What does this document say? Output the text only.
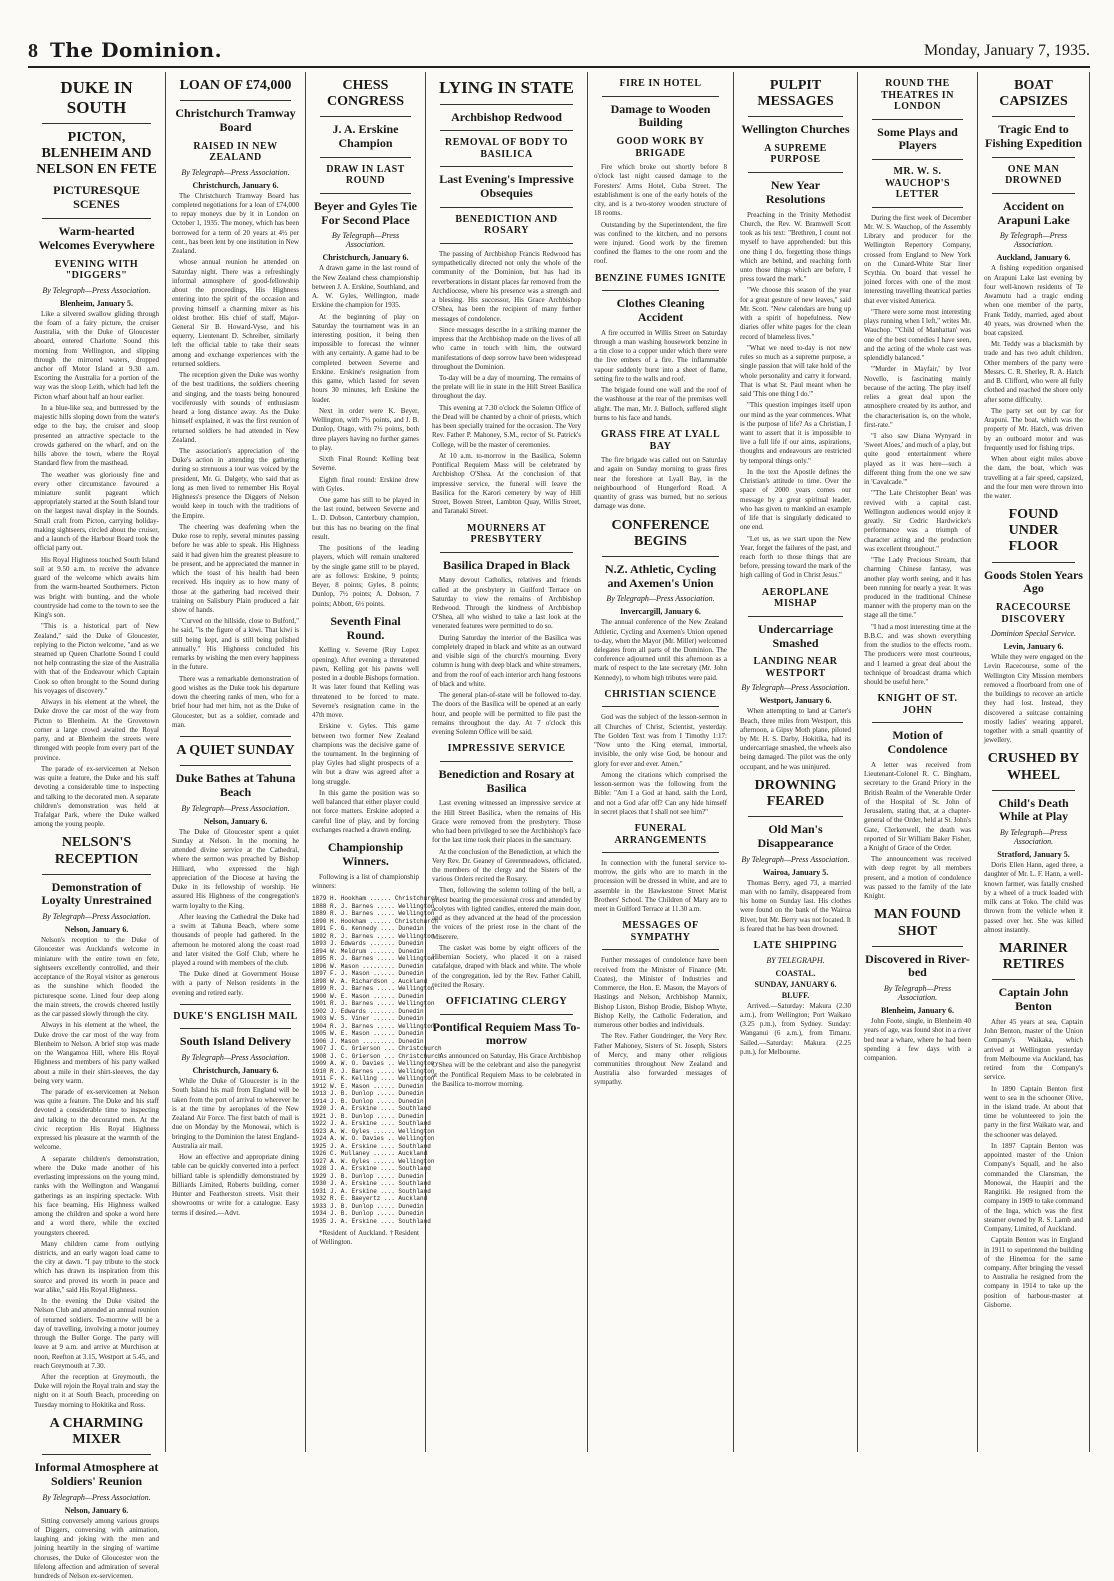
8 The Dominion.	Monday, January 7, 1935.
DUKE IN SOUTH
PICTON, BLENHEIM AND NELSON EN FETE
PICTURESQUE SCENES
Warm-hearted Welcomes Everywhere
EVENING WITH "DIGGERS"
By Telegraph—Press Association.
Blenheim, January 5.

Like a silvered swallow gliding through the foam of a fairy picture, the cruiser Australia, with the Duke of Gloucester aboard, entered Charlotte Sound this morning from Wellington, and slipping through the mirrored waters, dropped anchor off Motor Island at 9.30 a.m. Escorting the Australia for a portion of the way was the sloop Leith, which had left the Picton wharf about half an hour earlier.

In a blue-like sea, and buttressed by the majestic hills sloping down from the water's edge to the bay, the cruiser and sloop presented an attractive spectacle to the crowds gathered on the wharf, and on the hills above the town, where the Royal Standard flew from the masthead.

The weather was gloriously fine and every other circumstance favoured a miniature sunlit pageant which appropriately started at the South Island tour on the largest naval display in the Sounds. Small craft from Picton, carrying holiday-making sightseers, circled about the cruiser, and a launch of the Harbour Board took the official party out.

His Royal Highness touched South Island soil at 9.50 a.m. to receive the advance guard of the welcome which awaits him from the warm-hearted Southerners. Picton was bright with bunting, and the whole countryside had come to the town to see the King's son.

"This is a historical part of New Zealand," said the Duke of Gloucester, replying to the Picton welcome, "and as we steamed up Queen Charlotte Sound I could not help contrasting the size of the Australia with that of the Endeavour which Captain Cook so often brought to the Sound during his voyages of discovery."

Always in his element at the wheel, the Duke drove the car most of the way from Picton to Blenheim. At the Grovetown corner a large crowd awaited the Royal party, and at Blenheim the streets were thronged with people from every part of the province.

The parade of ex-servicemen at Nelson was quite a feature, the Duke and his staff devoting a considerable time to inspecting and talking to the decorated men. A separate children's demonstration was held at Trafalgar Park, where the Duke walked among the young people.

NELSON'S RECEPTION
Demonstration of Loyalty Unrestrained
By Telegraph—Press Association.
Nelson, January 6.

Nelson's reception to the Duke of Gloucester was Auckland's welcome in miniature with the entire town en fete, sightseers excellently controlled, and their acceptance of the Royal visitor as generous as the sunshine which flooded the picturesque scene. Lined four deep along the main streets, the crowds cheered lustily as the car passed slowly through the city.

Always in his element at the wheel, the Duke drove the car most of the way from Blenheim to Nelson. A brief stop was made on the Wangamoa Hill, where His Royal Highness and members of his party walked about a mile in their shirt-sleeves, the day being very warm.

The parade of ex-servicemen at Nelson was quite a feature. The Duke and his staff devoted a considerable time to inspecting and talking to the decorated men. At the civic reception His Royal Highness expressed his pleasure at the warmth of the welcome.

A separate children's demonstration, where the Duke made another of his everlasting impressions on the young mind, ranks with the Wellington and Wanganui gatherings as an inspiring spectacle. With his face beaming, His Highness walked among the children and spoke a word here and a word there, while the excited youngsters cheered.

Many children came from outlying districts, and an early wagon load came to the city at dawn. "I pay tribute to the stock which has drawn its inspiration from this source and proved its worth in peace and war alike," said His Royal Highness.

In the evening the Duke visited the Nelson Club and attended an annual reunion of returned soldiers. To-morrow will be a day of travelling, involving a motor journey through the Buller Gorge. The party will leave at 9 a.m. and arrive at Murchison at noon, Reefton at 3.15, Westport at 5.45, and reach Greymouth at 7.30.

After the reception at Greymouth, the Duke will rejoin the Royal train and stay the night on it at South Beach, proceeding on Tuesday morning to Hokitika and Ross.

A CHARMING MIXER
Informal Atmosphere at Soldiers' Reunion
By Telegraph—Press Association.
Nelson, January 6.

Sitting conversely among various groups of Diggers, conversing with animation, laughing and joking with the men and joining heartily in the singing of wartime choruses, the Duke of Gloucester won the lifelong affection and admiration of several hundreds of Nelson ex-servicemen.

LOAN OF £74,000
Christchurch Tramway Board
RAISED IN NEW ZEALAND
By Telegraph—Press Association.
Christchurch, January 6.

The Christchurch Tramway Board has completed negotiations for a loan of £74,000 to repay moneys due by it in London on October 1, 1935. The money, which has been borrowed for a term of 20 years at 4½ per cent., has been lent by one institution in New Zealand.

whose annual reunion he attended on Saturday night. There was a refreshingly informal atmosphere of good-fellowship about the proceedings, His Highness entering into the spirit of the occasion and proving himself a charming mixer as his oldest brother. His chief of staff, Major-General Sir B. Howard-Vyse, and his equerry, Lieutenant D. Schreiber, similarly left the official table to take their seats among and exchange experiences with the returned soldiers.

The reception given the Duke was worthy of the best traditions, the soldiers cheering and singing, and the toasts being honoured vociferously with sounds of enthusiasm heard a long distance away. As the Duke himself explained, it was the first reunion of returned soldiers he had attended in New Zealand.

The association's appreciation of the Duke's action in attending the gathering during so strenuous a tour was voiced by the president, Mr. G. Dalgety, who said that as long as men lived to remember His Royal Highness's presence the Diggers of Nelson would keep in touch with the traditions of the Empire.

The cheering was deafening when the Duke rose to reply, several minutes passing before he was able to speak. His Highness said it had given him the greatest pleasure to be present, and he appreciated the manner in which the toast of his health had been received. His inquiry as to how many of those at the gathering had received their training on Salisbury Plain produced a fair show of hands.

"Curved on the hillside, close to Bulford," he said, "is the figure of a kiwi. That kiwi is still being kept, and is still being polished annually." His Highness concluded his remarks by wishing the men every happiness in the future.

There was a remarkable demonstration of good wishes as the Duke took his departure down the cheering ranks of men, who for a brief hour had met him, not as the Duke of Gloucester, but as a soldier, comrade and man.

A QUIET SUNDAY
Duke Bathes at Tahuna Beach
By Telegraph—Press Association.
Nelson, January 6.

The Duke of Gloucester spent a quiet Sunday at Nelson. In the morning he attended divine service at the Cathedral, where the sermon was preached by Bishop Hilliard, who expressed the high appreciation of the Diocese at having the Duke in its fellowship of worship. He assured His Highness of the congregation's warm loyalty to the King.

After leaving the Cathedral the Duke had a swim at Tahuna Beach, where some thousands of people had gathered. In the afternoon he motored along the coast road and later visited the Golf Club, where he played a round with members of the club.

The Duke dined at Government House with a party of Nelson residents in the evening and retired early.

DUKE'S ENGLISH MAIL
South Island Delivery
By Telegraph—Press Association.
Christchurch, January 6.

While the Duke of Gloucester is in the South Island his mail from England will be taken from the port of arrival to wherever he is at the time by aeroplanes of the New Zealand Air Force. The first batch of mail is due on Monday by the Monowai, which is bringing to the Dominion the latest England-Australia air mail.

How an effective and appropriate dining table can be quickly converted into a perfect billiard table is splendidly demonstrated by Billiards Limited, Roberts building, corner Hunter and Featherston streets. Visit their showrooms or write for a catalogue. Easy terms if desired.—Advt.

CHESS CONGRESS
J. A. Erskine Champion
DRAW IN LAST ROUND
Beyer and Gyles Tie For Second Place
By Telegraph—Press Association.
Christchurch, January 6.

A drawn game in the last round of the New Zealand chess championship between J. A. Erskine, Southland, and A. W. Gyles, Wellington, made Erskine the champion for 1935.

At the beginning of play on Saturday the tournament was in an interesting position, it being then impossible to forecast the winner with any certainty. A game had to be completed between Severne and Erskine. Erskine's resignation from this game, which lasted for seven hours 30 minutes, left Erskine the leader.

Next in order were K. Beyer, Wellington, with 7½ points, and J. B. Dunlop, Otago, with 7½ points, both three players having no further games to play.

Sixth Final Round: Kelling beat Severne.

Eighth final round: Erskine drew with Gyles.

One game has still to be played in the last round, between Severne and L. D. Dobson, Canterbury champion, but this has no bearing on the final result.

The positions of the leading players, which will remain unaltered by the single game still to be played, are as follows: Erskine, 9 points; Beyer, 8 points; Gyles, 8 points; Dunlop, 7½ points; A. Dobson, 7 points; Abbott, 6½ points.

Seventh Final Round.

Kelling v. Severne (Ruy Lopez opening). After evening a threatened pawn, Kelling got his pawns well posted in a double Bishops formation. It was later found that Kelling was threatened to be forced to mate. Severne's resignation came in the 47th move.

Erskine v. Gyles. This game between two former New Zealand champions was the decisive game of the tournament. In the beginning of play Gyles had slight prospects of a win but a draw was agreed after a long struggle.

In this game the position was so well balanced that either player could not force matters. Erskine adopted a careful line of play, and by forcing exchanges reached a drawn ending.

Championship Winners.

Following is a list of championship winners:

1879 H. Hookham ...... Christchurch
1888 R. J. Barnes ..... Wellington
1889 R. J. Barnes ..... Wellington
1890 H. Hookham ...... Christchurch
1891 F. G. Kennedy .... Dunedin
1892 R. J. Barnes ..... Wellington
1893 J. Edwards ....... Dunedin
1894 W. Meldrum ....... Dunedin
1895 R. J. Barnes ..... Wellington
1896 W. Mason ......... Dunedin
1897 F. J. Mason ...... Dunedin
1898 W. A. Richardson . Auckland
1899 R. J. Barnes ..... Wellington
1900 W. E. Mason ...... Dunedin
1901 R. J. Barnes ..... Wellington
1902 J. Edwards ....... Dunedin
1903 W. S. Viner ...... Dunedin
1904 R. J. Barnes ..... Wellington
1905 W. E. Mason ...... Dunedin
1906 J. Mason ......... Dunedin
1907 J. C. Grierson ... Christchurch
1908 J. C. Grierson ... Christchurch
1909 A. W. O. Davies .. Wellington
1910 R. J. Barnes ..... Wellington
1911 F. K. Kelling .... Wellington
1912 W. E. Mason ...... Dunedin
1913 J. B. Dunlop ..... Dunedin
1914 J. B. Dunlop ..... Dunedin
1920 J. A. Erskine .... Southland
1921 J. B. Dunlop ..... Dunedin
1922 J. A. Erskine .... Southland
1923 A. W. Gyles ...... Wellington
1924 A. W. O. Davies .. Wellington
1925 J. A. Erskine .... Southland
1926 C. Mullaney ...... Auckland
1927 A. W. Gyles ...... Wellington
1928 J. A. Erskine .... Southland
1929 J. B. Dunlop ..... Dunedin
1930 J. A. Erskine .... Southland
1931 J. A. Erskine .... Southland
1932 R. E. Baeyertz ... Auckland
1933 J. B. Dunlop ..... Dunedin
1934 J. B. Dunlop ..... Dunedin
1935 J. A. Erskine .... Southland

*Resident of Auckland. †Resident of Wellington.

LYING IN STATE
Archbishop Redwood
REMOVAL OF BODY TO BASILICA
Last Evening's Impressive Obsequies
BENEDICTION AND ROSARY

The passing of Archbishop Francis Redwood has sympathetically directed not only the whole of the community of the Dominion, but has had its reverberations in distant places far removed from the Archdiocese, where his presence was a strength and a blessing. His successor, His Grace Archbishop O'Shea, has been the recipient of many further messages of condolence.

Since messages describe in a striking manner the impress that the Archbishop made on the lives of all who came in touch with him, the outward manifestations of deep sorrow have been widespread throughout the Dominion.

To-day will be a day of mourning. The remains of the prelate will lie in state in the Hill Street Basilica throughout the day.

This evening at 7.30 o'clock the Solemn Office of the Dead will be chanted by a choir of priests, which has been specially trained for the occasion. The Very Rev. Father P. Mahoney, S.M., rector of St. Patrick's College, will be the master of ceremonies.

At 10 a.m. to-morrow in the Basilica, Solemn Pontifical Requiem Mass will be celebrated by Archbishop O'Shea. At the conclusion of that impressive service, the funeral will leave the Basilica for the Karori cemetery by way of Hill Street, Bowen Street, Lambton Quay, Willis Street, and Taranaki Street.

MOURNERS AT PRESBYTERY
Basilica Draped in Black

Many devout Catholics, relatives and friends called at the presbytery in Guilford Terrace on Saturday to view the remains of Archbishop Redwood. Through the kindness of Archbishop O'Shea, all who wished to take a last look at the venerated features were permitted to do so.

During Saturday the interior of the Basilica was completely draped in black and white as an outward and visible sign of the church's mourning. Every column is hung with deep black and white streamers, and from the roof of each interior arch hang festoons of black and white.

The general plan-of-state will be followed to-day. The doors of the Basilica will be opened at an early hour, and people will be permitted to file past the remains throughout the day. At 7 o'clock this evening Solemn Office will be said.

IMPRESSIVE SERVICE
Benediction and Rosary at Basilica

Last evening witnessed an impressive service at the Hill Street Basilica, when the remains of His Grace were removed from the presbytery. Those who had been privileged to see the Archbishop's face for the last time took their places in the sanctuary.

At the conclusion of the Benediction, at which the Very Rev. Dr. Geaney of Greenmeadows, officiated, the members of the clergy and the Sisters of the various Orders recited the Rosary.

Then, following the solemn tolling of the bell, a priest bearing the processional cross and attended by acolytes with lighted candles, entered the main door, and as they advanced at the head of the procession the voices of the priest rose in the chant of the Miserere.

The casket was borne by eight officers of the Hibernian Society, who placed it on a raised catafalque, draped with black and white. The whole of the congregation, led by the Rev. Father Cahill, recited the Rosary.

OFFICIATING CLERGY
Pontifical Requiem Mass To-morrow

As announced on Saturday, His Grace Archbishop O'Shea will be the celebrant and also the panegyrist at the Pontifical Requiem Mass to be celebrated in the Basilica to-morrow morning.

FIRE IN HOTEL
Damage to Wooden Building
GOOD WORK BY BRIGADE

Fire which broke out shortly before 8 o'clock last night caused damage to the Foresters' Arms Hotel, Cuba Street. The establishment is one of the early hotels of the city, and is a two-storey wooden structure of 18 rooms.

Outstanding by the Superintendent, the fire was confined to the kitchen, and no persons were injured. Good work by the firemen confined the flames to the one room and the roof.

BENZINE FUMES IGNITE
Clothes Cleaning Accident

A fire occurred in Willis Street on Saturday through a man washing housework benzine in a tin close to a copper under which there were the live embers of a fire. The inflammable vapour suddenly burst into a sheet of flame, setting fire to the walls and roof.

The brigade found one wall and the roof of the washhouse at the rear of the premises well alight. The man, Mr. J. Bulloch, suffered slight burns to his face and hands.

GRASS FIRE AT LYALL BAY

The fire brigade was called out on Saturday and again on Sunday morning to grass fires near the foreshore at Lyall Bay, in the neighbourhood of Hungerford Road. A quantity of grass was burned, but no serious damage was done.

CONFERENCE BEGINS
N.Z. Athletic, Cycling and Axemen's Union
By Telegraph—Press Association.
Invercargill, January 6.

The annual conference of the New Zealand Athletic, Cycling and Axemen's Union opened to-day, when the Mayor (Mr. Miller) welcomed delegates from all parts of the Dominion. The conference adjourned until this afternoon as a mark of respect to the late secretary (Mr. John Kennedy), to whom high tributes were paid.

CHRISTIAN SCIENCE

God was the subject of the lesson-sermon in all Churches of Christ, Scientist, yesterday. The Golden Text was from I Timothy 1:17: "Now unto the King eternal, immortal, invisible, the only wise God, be honour and glory for ever and ever. Amen."

Among the citations which comprised the lesson-sermon was the following from the Bible: "Am I a God at hand, saith the Lord, and not a God afar off? Can any hide himself in secret places that I shall not see him?"

FUNERAL ARRANGEMENTS

In connection with the funeral service to-morrow, the girls who are to march in the procession will be dressed in white, and are to assemble in the Hawkestone Street Marist Brothers' School. The Children of Mary are to meet in Guilford Terrace at 11.30 a.m.

MESSAGES OF SYMPATHY

Further messages of condolence have been received from the Minister of Finance (Mr. Coates), the Minister of Industries and Commerce, the Hon. E. Mason, the Mayors of Hastings and Nelson, Archbishop Mannix, Bishop Liston, Bishop Brodie, Bishop Whyte, Bishop Kelly, the Catholic Federation, and numerous other bodies and individuals.

The Rev. Father Gondringer, the Very Rev. Father Mahoney, Sisters of St. Joseph, Sisters of Mercy, and many other religious communities throughout New Zealand and Australia also forwarded messages of sympathy.

PULPIT MESSAGES
Wellington Churches
A SUPREME PURPOSE
New Year Resolutions

Preaching in the Trinity Methodist Church, the Rev. W. Bramwell Scott took as his text: "Brethren, I count not myself to have apprehended: but this one thing I do, forgetting those things which are behind, and reaching forth unto those things which are before, I press toward the mark."

"We choose this season of the year for a great gesture of new leaves," said Mr. Scott. "New calendars are hung up with a spirit of hopefulness. New diaries offer white pages for the clean record of blameless lives."

"What we need to-day is not new rules so much as a supreme purpose, a single passion that will take hold of the whole personality and carry it forward. That is what St. Paul meant when he said 'This one thing I do.'"

"This question impinges itself upon our mind as the year commences. What is the purpose of life? As a Christian, I want to assert that it is impossible to live a full life if our aims, aspirations, thoughts and endeavours are restricted by temporal things only."

In the text the Apostle defines the Christian's attitude to time. Over the space of 2000 years comes our message by a great spiritual leader, who has given to mankind an example of life that is singularly dedicated to one end.

"Let us, as we start upon the New Year, forget the failures of the past, and reach forth to those things that are before, pressing toward the mark of the high calling of God in Christ Jesus."

AEROPLANE MISHAP
Undercarriage Smashed
LANDING NEAR WESTPORT
By Telegraph—Press Association.
Westport, January 6.

When attempting to land at Carter's Beach, three miles from Westport, this afternoon, a Gipsy Moth plane, piloted by Mr. H. S. Darby, Hokitika, had its undercarriage smashed, the wheels also being damaged. The pilot was the only occupant, and he was uninjured.

DROWNING FEARED
Old Man's Disappearance
By Telegraph—Press Association.
Wairoa, January 5.

Thomas Berry, aged 73, a married man with no family, disappeared from his home on Sunday last. His clothes were found on the bank of the Wairoa River, but Mr. Berry was not located. It is feared that he has been drowned.

LATE SHIPPING
BY TELEGRAPH.
COASTAL.
SUNDAY, JANUARY 6.
BLUFF.

Arrived.—Saturday: Makura (2.30 a.m.), from Wellington; Port Waikato (3.25 p.m.), from Sydney. Sunday: Wanganui (6 a.m.), from Timaru. Sailed.—Saturday: Makura (2.25 p.m.), for Melbourne.

ROUND THE THEATRES IN LONDON
Some Plays and Players
MR. W. S. WAUCHOP'S LETTER

During the first week of December Mr. W. S. Wauchop, of the Assembly Library and producer for the Wellington Repertory Company, crossed from England to New York on the Cunard-White Star liner Scythia. On board that vessel he joined forces with one of the most interesting travelling theatrical parties that ever visited America.

"There were some most interesting plays running when I left," writes Mr. Wauchop. "'Child of Manhattan' was one of the best comedies I have seen, and the acting of the whole cast was splendidly balanced."

"'Murder in Mayfair,' by Ivor Novello, is fascinating mainly because of the acting. The play itself relies a great deal upon the atmosphere created by its author, and the characterisation is, on the whole, first-rate."

"I also saw Diana Wynyard in 'Sweet Aloes,' and much of a play, but quite good entertainment where played as it was here—such a different thing from the one we saw in 'Cavalcade.'"

"'The Late Christopher Bean' was revived with a capital cast. Wellington audiences would enjoy it greatly. Sir Cedric Hardwicke's performance was a triumph of character acting and the production was excellent throughout."

"The Lady Precious Stream, that charming Chinese fantasy, was another play worth seeing, and it has been running for nearly a year. It was produced in the traditional Chinese manner with the property man on the stage all the time."

"I had a most interesting time at the B.B.C. and was shown everything from the studios to the effects room. The producers were most courteous, and I learned a great deal about the technique of broadcast drama which should be useful here."

KNIGHT OF ST. JOHN
Motion of Condolence

A letter was received from Lieutenant-Colonel R. C. Bingham, secretary to the Grand Priory in the British Realm of the Venerable Order of the Hospital of St. John of Jerusalem, stating that, at a chapter-general of the Order, held at St. John's Gate, Clerkenwell, the death was reported of Sir William Baker Fisher, a Knight of Grace of the Order.

The announcement was received with deep regret by all members present, and a motion of condolence was passed to the family of the late Knight.

MAN FOUND SHOT
Discovered in River-bed
By Telegraph—Press Association.
Blenheim, January 6.

John Foote, single, in Blenheim 40 years of age, was found shot in a river bed near a whare, where he had been spending a few days with a companion.

BOAT CAPSIZES
Tragic End to Fishing Expedition
ONE MAN DROWNED
Accident on Arapuni Lake
By Telegraph—Press Association.
Auckland, January 6.

A fishing expedition organised on Arapuni Lake last evening by four well-known residents of Te Awamutu had a tragic ending when one member of the party, Frank Teddy, married, aged about 40 years, was drowned when the boat capsized.

Mr. Teddy was a blacksmith by trade and has two adult children. Other members of the party were Messrs. C. R. Sherley, R. A. Hatch and B. Clifford, who were all fully clothed and reached the shore only after some difficulty.

The party set out by car for Arapuni. The boat, which was the property of Mr. Hatch, was driven by an outboard motor and was frequently used for fishing trips.

When about eight miles above the dam, the boat, which was travelling at a fair speed, capsized, and the four men were thrown into the water.

FOUND UNDER FLOOR
Goods Stolen Years Ago
RACECOURSE DISCOVERY
Dominion Special Service.
Levin, January 6.

While they were engaged on the Levin Racecourse, some of the Wellington City Mission members removed a floorboard from one of the buildings to recover an article they had lost. Instead, they discovered a suitcase containing mostly ladies' wearing apparel, together with a small quantity of jewellery.

CRUSHED BY WHEEL
Child's Death While at Play
By Telegraph—Press Association.
Stratford, January 5.

Doris Ellen Hann, aged three, a daughter of Mr. L. F. Hann, a well-known farmer, was fatally crushed by a wheel of a truck loaded with milk cans at Toko. The child was thrown from the vehicle when it passed over her. She was killed almost instantly.

MARINER RETIRES
Captain John Benton

After 45 years at sea, Captain John Benton, master of the Union Company's Waikaka, which arrived at Wellington yesterday from Melbourne via Auckland, has retired from the Company's service.

In 1890 Captain Benton first went to sea in the schooner Olive, in the island trade. At about that time he volunteered to join the party in the first Waikato war, and the schooner was delayed.

In 1897 Captain Benton was appointed master of the Union Company's Squall, and he also commanded the Clansman, the Monowai, the Haupiri and the Rangitiki. He resigned from the company in 1909 to take command of the Inga, which was the first steamer owned by R. S. Lamb and Company, Limited, of Auckland.

Captain Benton was in England in 1911 to superintend the building of the Hinemoa for the same company. After bringing the vessel to Australia he resigned from the company in 1914 to take up the position of harbour-master at Gisborne.
